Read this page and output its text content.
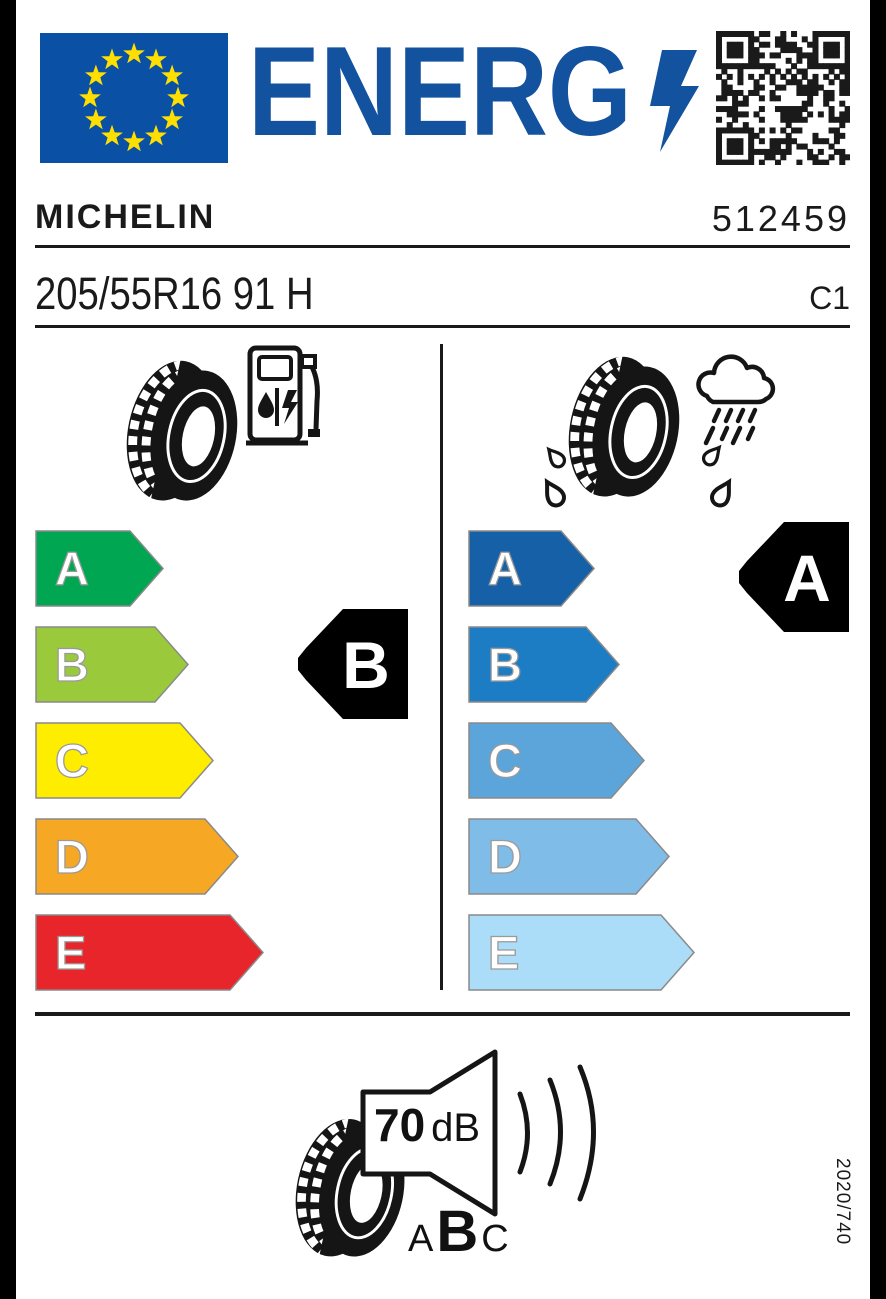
ENERG
MICHELIN	512459
205/55R16 91 H	C1
A
B
C
D
E
A
B
C
D
E
B
A
70 dB
A B C	2020/740
